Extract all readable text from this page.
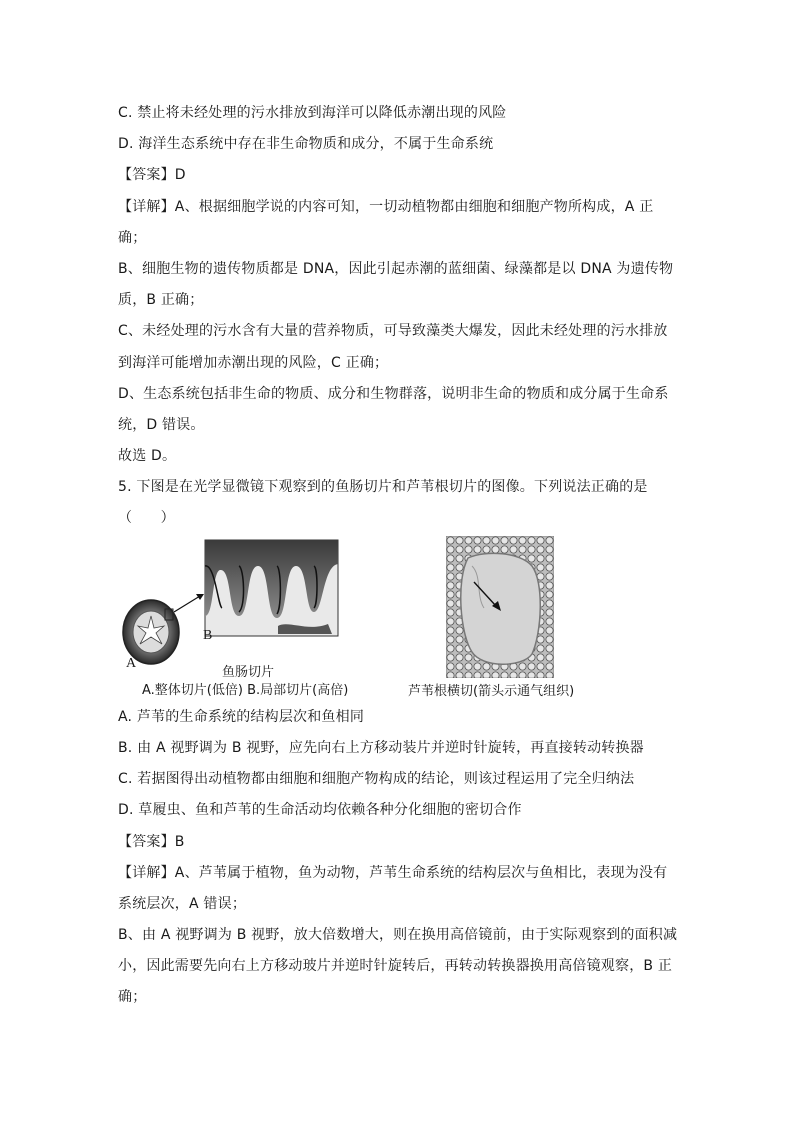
C. 禁止将未经处理的污水排放到海洋可以降低赤潮出现的风险
D. 海洋生态系统中存在非生命物质和成分，不属于生命系统
【答案】D
【详解】A、根据细胞学说的内容可知，一切动植物都由细胞和细胞产物所构成，A 正
确；
B、细胞生物的遗传物质都是 DNA，因此引起赤潮的蓝细菌、绿藻都是以 DNA 为遗传物
质，B 正确；
C、未经处理的污水含有大量的营养物质，可导致藻类大爆发，因此未经处理的污水排放
到海洋可能增加赤潮出现的风险，C 正确；
D、生态系统包括非生命的物质、成分和生物群落，说明非生命的物质和成分属于生命系
统，D 错误。
故选 D。
5. 下图是在光学显微镜下观察到的鱼肠切片和芦苇根切片的图像。下列说法正确的是
（　　）
B
A
鱼肠切片
A.整体切片(低倍) B.局部切片(高倍)	芦苇根横切(箭头示通气组织)
A. 芦苇的生命系统的结构层次和鱼相同
B. 由 A 视野调为 B 视野，应先向右上方移动装片并逆时针旋转，再直接转动转换器
C. 若据图得出动植物都由细胞和细胞产物构成的结论，则该过程运用了完全归纳法
D. 草履虫、鱼和芦苇的生命活动均依赖各种分化细胞的密切合作
【答案】B
【详解】A、芦苇属于植物，鱼为动物，芦苇生命系统的结构层次与鱼相比，表现为没有
系统层次，A 错误；
B、由 A 视野调为 B 视野，放大倍数增大，则在换用高倍镜前，由于实际观察到的面积减
小，因此需要先向右上方移动玻片并逆时针旋转后，再转动转换器换用高倍镜观察，B 正
确；
